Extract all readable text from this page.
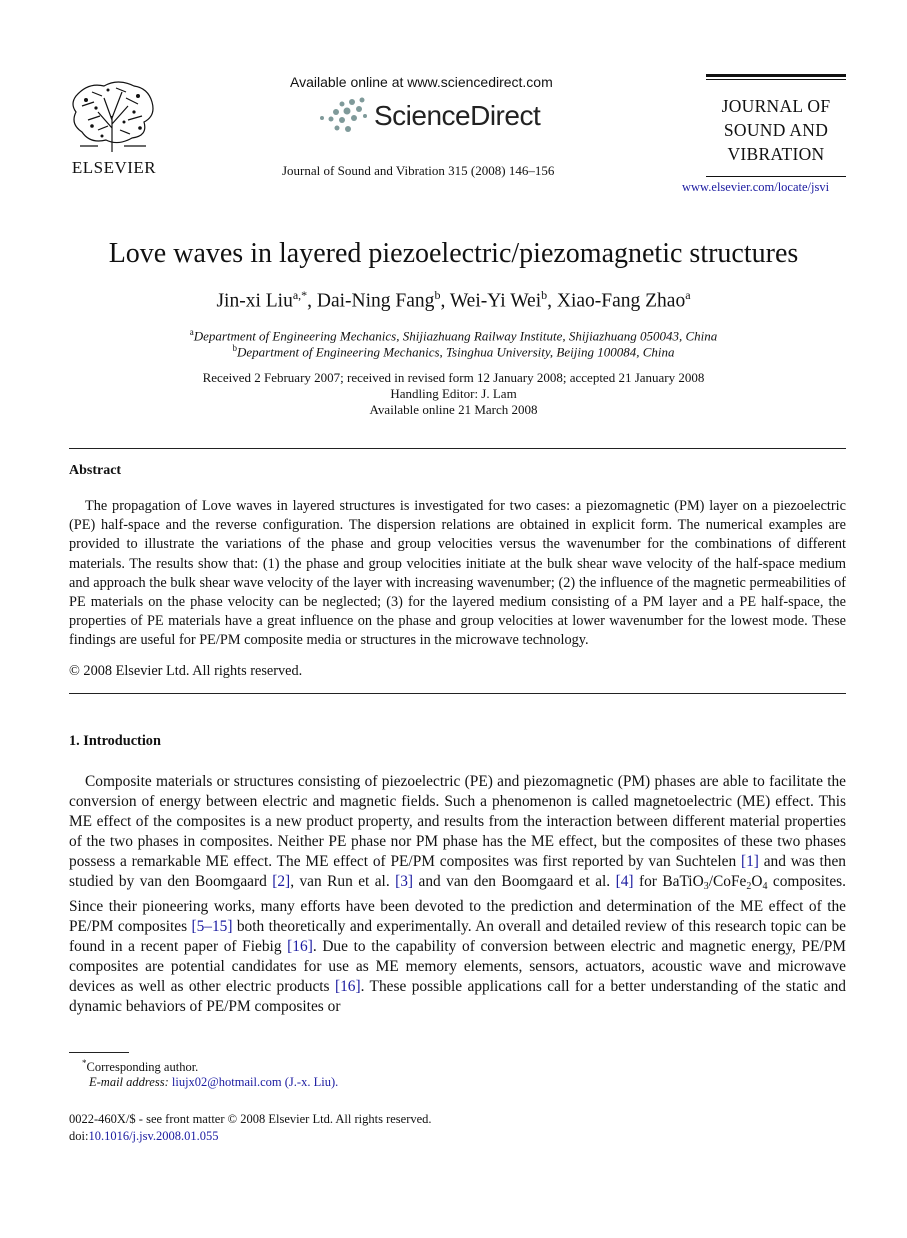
ELSEVIER
Available online at www.sciencedirect.com
ScienceDirect
Journal of Sound and Vibration 315 (2008) 146–156
JOURNAL OF
SOUND AND
VIBRATION
www.elsevier.com/locate/jsvi
Love waves in layered piezoelectric/piezomagnetic structures
Jin-xi Liu$^{a,*}$, Dai-Ning Fang$^b$, Wei-Yi Wei$^b$, Xiao-Fang Zhao$^a$
$^a$Department of Engineering Mechanics, Shijiazhuang Railway Institute, Shijiazhuang 050043, China
$^b$Department of Engineering Mechanics, Tsinghua University, Beijing 100084, China
Received 2 February 2007; received in revised form 12 January 2008; accepted 21 January 2008
Handling Editor: J. Lam
Available online 21 March 2008
Abstract
The propagation of Love waves in layered structures is investigated for two cases: a piezomagnetic (PM) layer on a piezoelectric (PE) half-space and the reverse configuration. The dispersion relations are obtained in explicit form. The numerical examples are provided to illustrate the variations of the phase and group velocities versus the wavenumber for the combinations of different materials. The results show that: (1) the phase and group velocities initiate at the bulk shear wave velocity of the half-space medium and approach the bulk shear wave velocity of the layer with increasing wavenumber; (2) the influence of the magnetic permeabilities of PE materials on the phase velocity can be neglected; (3) for the layered medium consisting of a PM layer and a PE half-space, the properties of PE materials have a great influence on the phase and group velocities at lower wavenumber for the lowest mode. These findings are useful for PE/PM composite media or structures in the microwave technology.
© 2008 Elsevier Ltd. All rights reserved.
1. Introduction
Composite materials or structures consisting of piezoelectric (PE) and piezomagnetic (PM) phases are able to facilitate the conversion of energy between electric and magnetic fields. Such a phenomenon is called magnetoelectric (ME) effect. This ME effect of the composites is a new product property, and results from the interaction between different material properties of the two phases in composites. Neither PE phase nor PM phase has the ME effect, but the composites of these two phases possess a remarkable ME effect. The ME effect of PE/PM composites was first reported by van Suchtelen [1] and was then studied by van den Boomgaard [2], van Run et al. [3] and van den Boomgaard et al. [4] for $BaTiO_3/CoFe_2O_4$ composites. Since their pioneering works, many efforts have been devoted to the prediction and determination of the ME effect of the PE/PM composites [5–15] both theoretically and experimentally. An overall and detailed review of this research topic can be found in a recent paper of Fiebig [16]. Due to the capability of conversion between electric and magnetic energy, PE/PM composites are potential candidates for use as ME memory elements, sensors, actuators, acoustic wave and microwave devices as well as other electric products [16]. These possible applications call for a better understanding of the static and dynamic behaviors of PE/PM composites or
*Corresponding author.
E-mail address: liujx02@hotmail.com (J.-x. Liu).
0022-460X/$ - see front matter © 2008 Elsevier Ltd. All rights reserved.
doi:10.1016/j.jsv.2008.01.055
